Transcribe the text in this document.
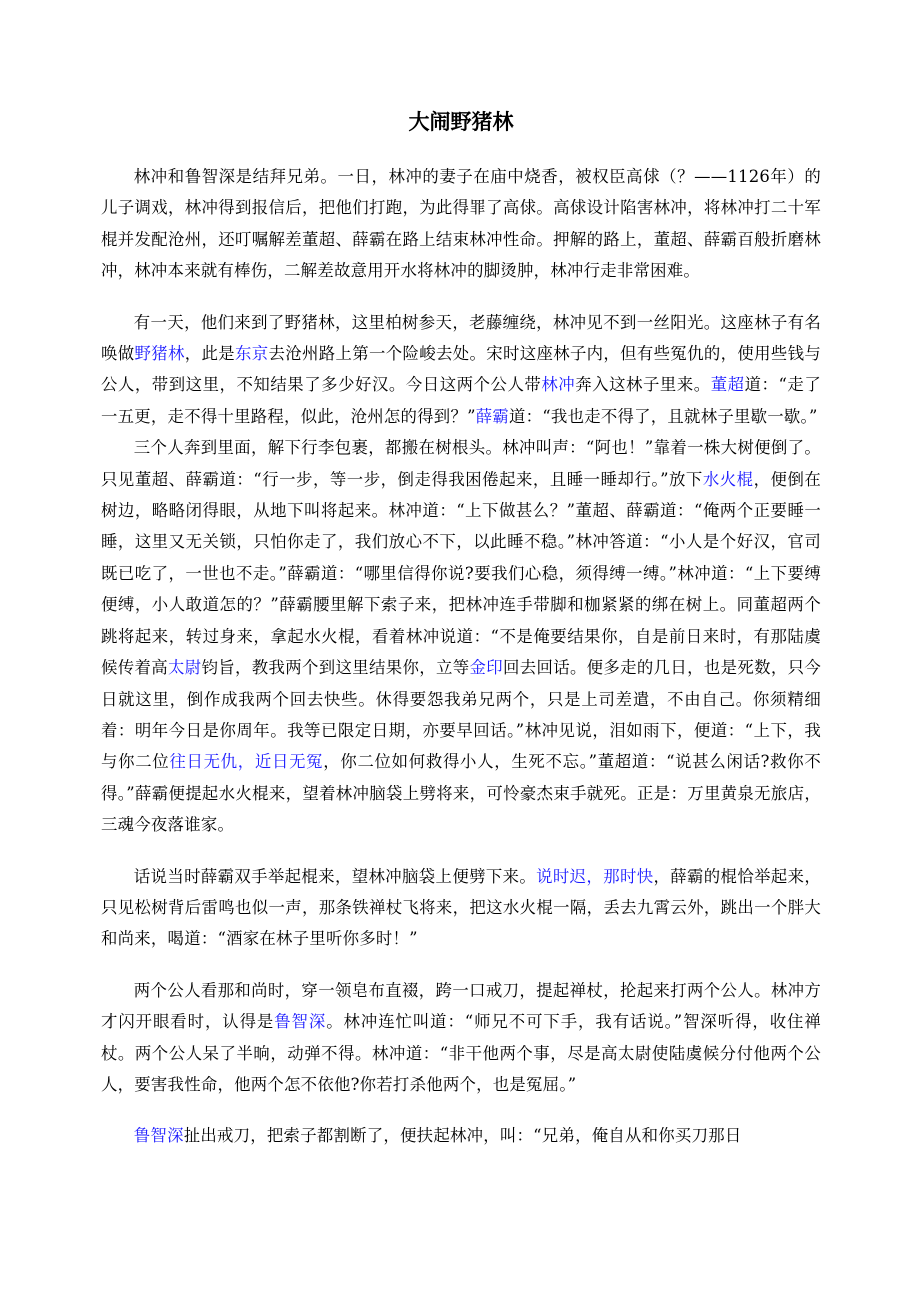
大闹野猪林

林冲和鲁智深是结拜兄弟。一日，林冲的妻子在庙中烧香，被权臣高俅（？——1126年）的儿子调戏，林冲得到报信后，把他们打跑，为此得罪了高俅。高俅设计陷害林冲，将林冲打二十军棍并发配沧州，还叮嘱解差董超、薛霸在路上结束林冲性命。押解的路上，董超、薛霸百般折磨林冲，林冲本来就有棒伤，二解差故意用开水将林冲的脚烫肿，林冲行走非常困难。

有一天，他们来到了野猪林，这里柏树参天，老藤缠绕，林冲见不到一丝阳光。这座林子有名唤做野猪林，此是东京去沧州路上第一个险峻去处。宋时这座林子内，但有些冤仇的，使用些钱与公人，带到这里，不知结果了多少好汉。今日这两个公人带林冲奔入这林子里来。董超道：“走了一五更，走不得十里路程，似此，沧州怎的得到？”薛霸道：“我也走不得了，且就林子里歇一歇。”

三个人奔到里面，解下行李包裹，都搬在树根头。林冲叫声：“阿也！”靠着一株大树便倒了。只见董超、薛霸道：“行一步，等一步，倒走得我困倦起来，且睡一睡却行。”放下水火棍，便倒在树边，略略闭得眼，从地下叫将起来。林冲道：“上下做甚么？”董超、薛霸道：“俺两个正要睡一睡，这里又无关锁，只怕你走了，我们放心不下，以此睡不稳。”林冲答道：“小人是个好汉，官司既已吃了，一世也不走。”薛霸道：“哪里信得你说?要我们心稳，须得缚一缚。”林冲道：“上下要缚便缚，小人敢道怎的？”薛霸腰里解下索子来，把林冲连手带脚和枷紧紧的绑在树上。同董超两个跳将起来，转过身来，拿起水火棍，看着林冲说道：“不是俺要结果你，自是前日来时，有那陆虞候传着高太尉钧旨，教我两个到这里结果你，立等金印回去回话。便多走的几日，也是死数，只今日就这里，倒作成我两个回去快些。休得要怨我弟兄两个，只是上司差遣，不由自己。你须精细着：明年今日是你周年。我等已限定日期，亦要早回话。”林冲见说，泪如雨下，便道：“上下，我与你二位往日无仇，近日无冤，你二位如何救得小人，生死不忘。”董超道：“说甚么闲话?救你不得。”薛霸便提起水火棍来，望着林冲脑袋上劈将来，可怜豪杰束手就死。正是：万里黄泉无旅店，三魂今夜落谁家。

话说当时薛霸双手举起棍来，望林冲脑袋上便劈下来。说时迟，那时快，薛霸的棍恰举起来，只见松树背后雷鸣也似一声，那条铁禅杖飞将来，把这水火棍一隔，丢去九霄云外，跳出一个胖大和尚来，喝道：“酒家在林子里听你多时！”

两个公人看那和尚时，穿一领皂布直裰，跨一口戒刀，提起禅杖，抡起来打两个公人。林冲方才闪开眼看时，认得是鲁智深。林冲连忙叫道：“师兄不可下手，我有话说。”智深听得，收住禅杖。两个公人呆了半晌，动弹不得。林冲道：“非干他两个事，尽是高太尉使陆虞候分付他两个公人，要害我性命，他两个怎不依他?你若打杀他两个，也是冤屈。”

鲁智深扯出戒刀，把索子都割断了，便扶起林冲，叫：“兄弟，俺自从和你买刀那日
